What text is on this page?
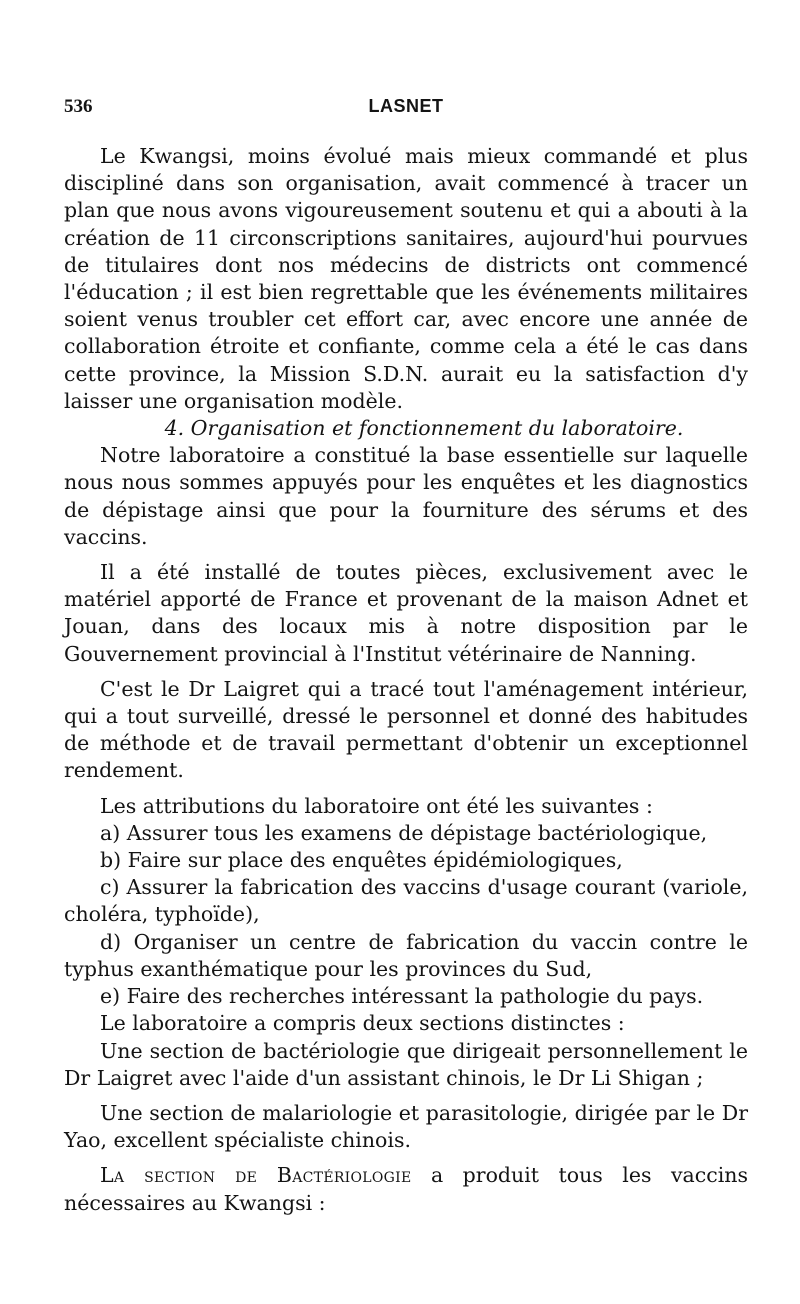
536	LASNET

Le Kwangsi, moins évolué mais mieux commandé et plus discipliné dans son organisation, avait commencé à tracer un plan que nous avons vigoureusement soutenu et qui a abouti à la création de 11 circonscriptions sanitaires, aujourd'hui pourvues de titulaires dont nos médecins de districts ont commencé l'éducation ; il est bien regrettable que les événements militaires soient venus troubler cet effort car, avec encore une année de collaboration étroite et confiante, comme cela a été le cas dans cette province, la Mission S.D.N. aurait eu la satisfaction d'y laisser une organisation modèle.

4. Organisation et fonctionnement du laboratoire.

Notre laboratoire a constitué la base essentielle sur laquelle nous nous sommes appuyés pour les enquêtes et les diagnostics de dépistage ainsi que pour la fourniture des sérums et des vaccins.

Il a été installé de toutes pièces, exclusivement avec le matériel apporté de France et provenant de la maison Adnet et Jouan, dans des locaux mis à notre disposition par le Gouvernement provincial à l'Institut vétérinaire de Nanning.

C'est le Dr Laigret qui a tracé tout l'aménagement intérieur, qui a tout surveillé, dressé le personnel et donné des habitudes de méthode et de travail permettant d'obtenir un exceptionnel rendement.

Les attributions du laboratoire ont été les suivantes :

a) Assurer tous les examens de dépistage bactériologique,

b) Faire sur place des enquêtes épidémiologiques,

c) Assurer la fabrication des vaccins d'usage courant (variole, choléra, typhoïde),

d) Organiser un centre de fabrication du vaccin contre le typhus exanthématique pour les provinces du Sud,

e) Faire des recherches intéressant la pathologie du pays.

Le laboratoire a compris deux sections distinctes :

Une section de bactériologie que dirigeait personnellement le Dr Laigret avec l'aide d'un assistant chinois, le Dr Li Shigan ;

Une section de malariologie et parasitologie, dirigée par le Dr Yao, excellent spécialiste chinois.

La section de Bactériologie a produit tous les vaccins nécessaires au Kwangsi :
